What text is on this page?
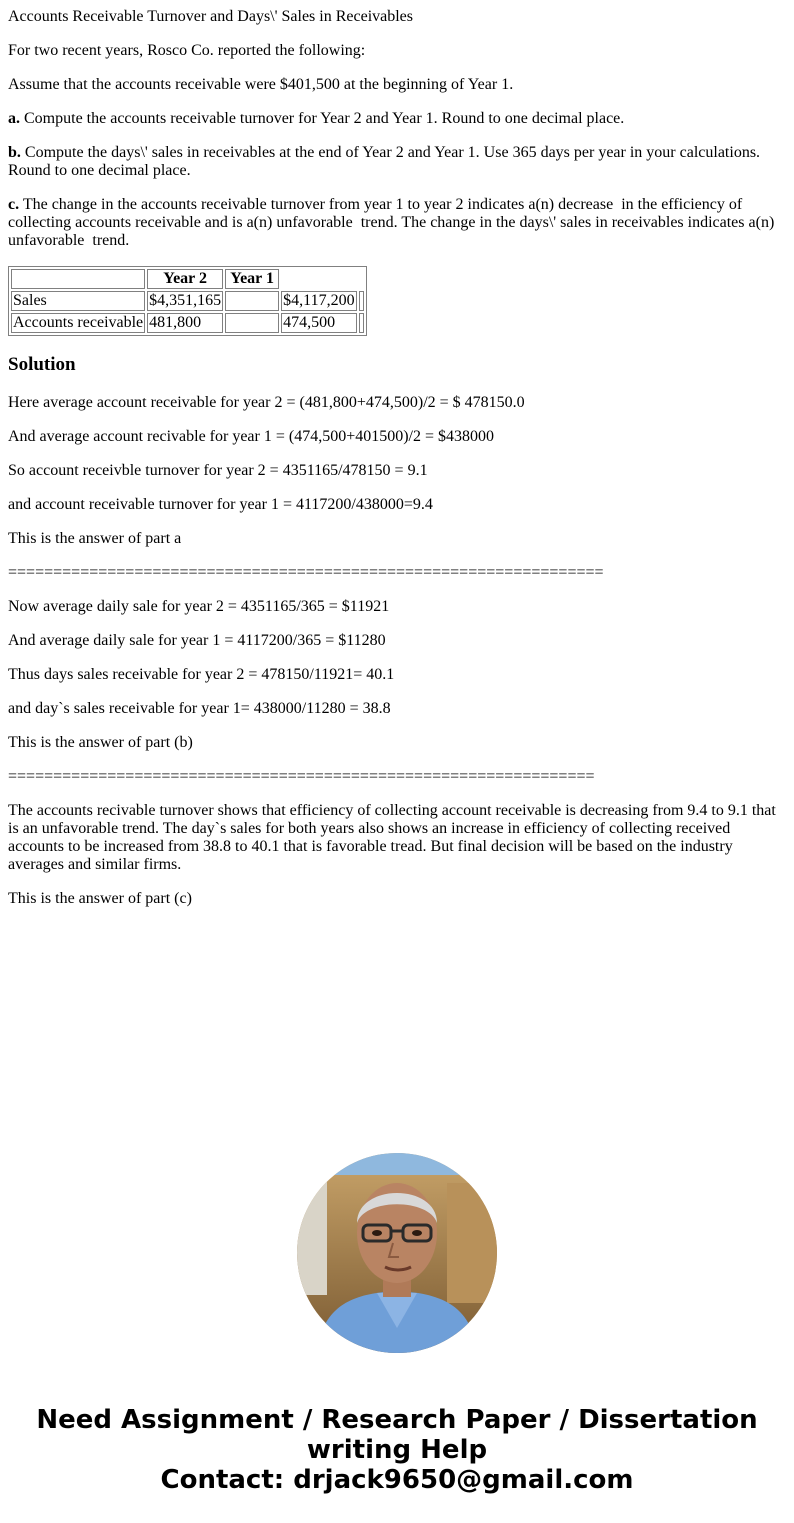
Accounts Receivable Turnover and Days\' Sales in Receivables

For two recent years, Rosco Co. reported the following:

Assume that the accounts receivable were $401,500 at the beginning of Year 1.

a. Compute the accounts receivable turnover for Year 2 and Year 1. Round to one decimal place.

b. Compute the days\' sales in receivables at the end of Year 2 and Year 1. Use 365 days per year in your calculations. Round to one decimal place.

c. The change in the accounts receivable turnover from year 1 to year 2 indicates a(n) decrease  in the efficiency of collecting accounts receivable and is a(n) unfavorable  trend. The change in the days\' sales in receivables indicates a(n) unfavorable  trend.

	Year 2	Year 1		
Sales	$4,351,165		$4,117,200	
Accounts receivable	481,800		474,500	
Solution

Here average account receivable for year 2 = (481,800+474,500)/2 = $ 478150.0

And average account recivable for year 1 = (474,500+401500)/2 = $438000

So account receivble turnover for year 2 = 4351165/478150 = 9.1

and account receivable turnover for year 1 = 4117200/438000=9.4

This is the answer of part a

==================================================================

Now average daily sale for year 2 = 4351165/365 = $11921

And average daily sale for year 1 = 4117200/365 = $11280

Thus days sales receivable for year 2 = 478150/11921= 40.1

and day`s sales receivable for year 1= 438000/11280 = 38.8

This is the answer of part (b)

=================================================================

The accounts recivable turnover shows that efficiency of collecting account receivable is decreasing from 9.4 to 9.1 that is an unfavorable trend. The day`s sales for both years also shows an increase in efficiency of collecting received accounts to be increased from 38.8 to 40.1 that is favorable tread. But final decision will be based on the industry averages and similar firms.

This is the answer of part (c)

Need Assignment / Research Paper / Dissertation writing Help
Contact: drjack9650@gmail.com
